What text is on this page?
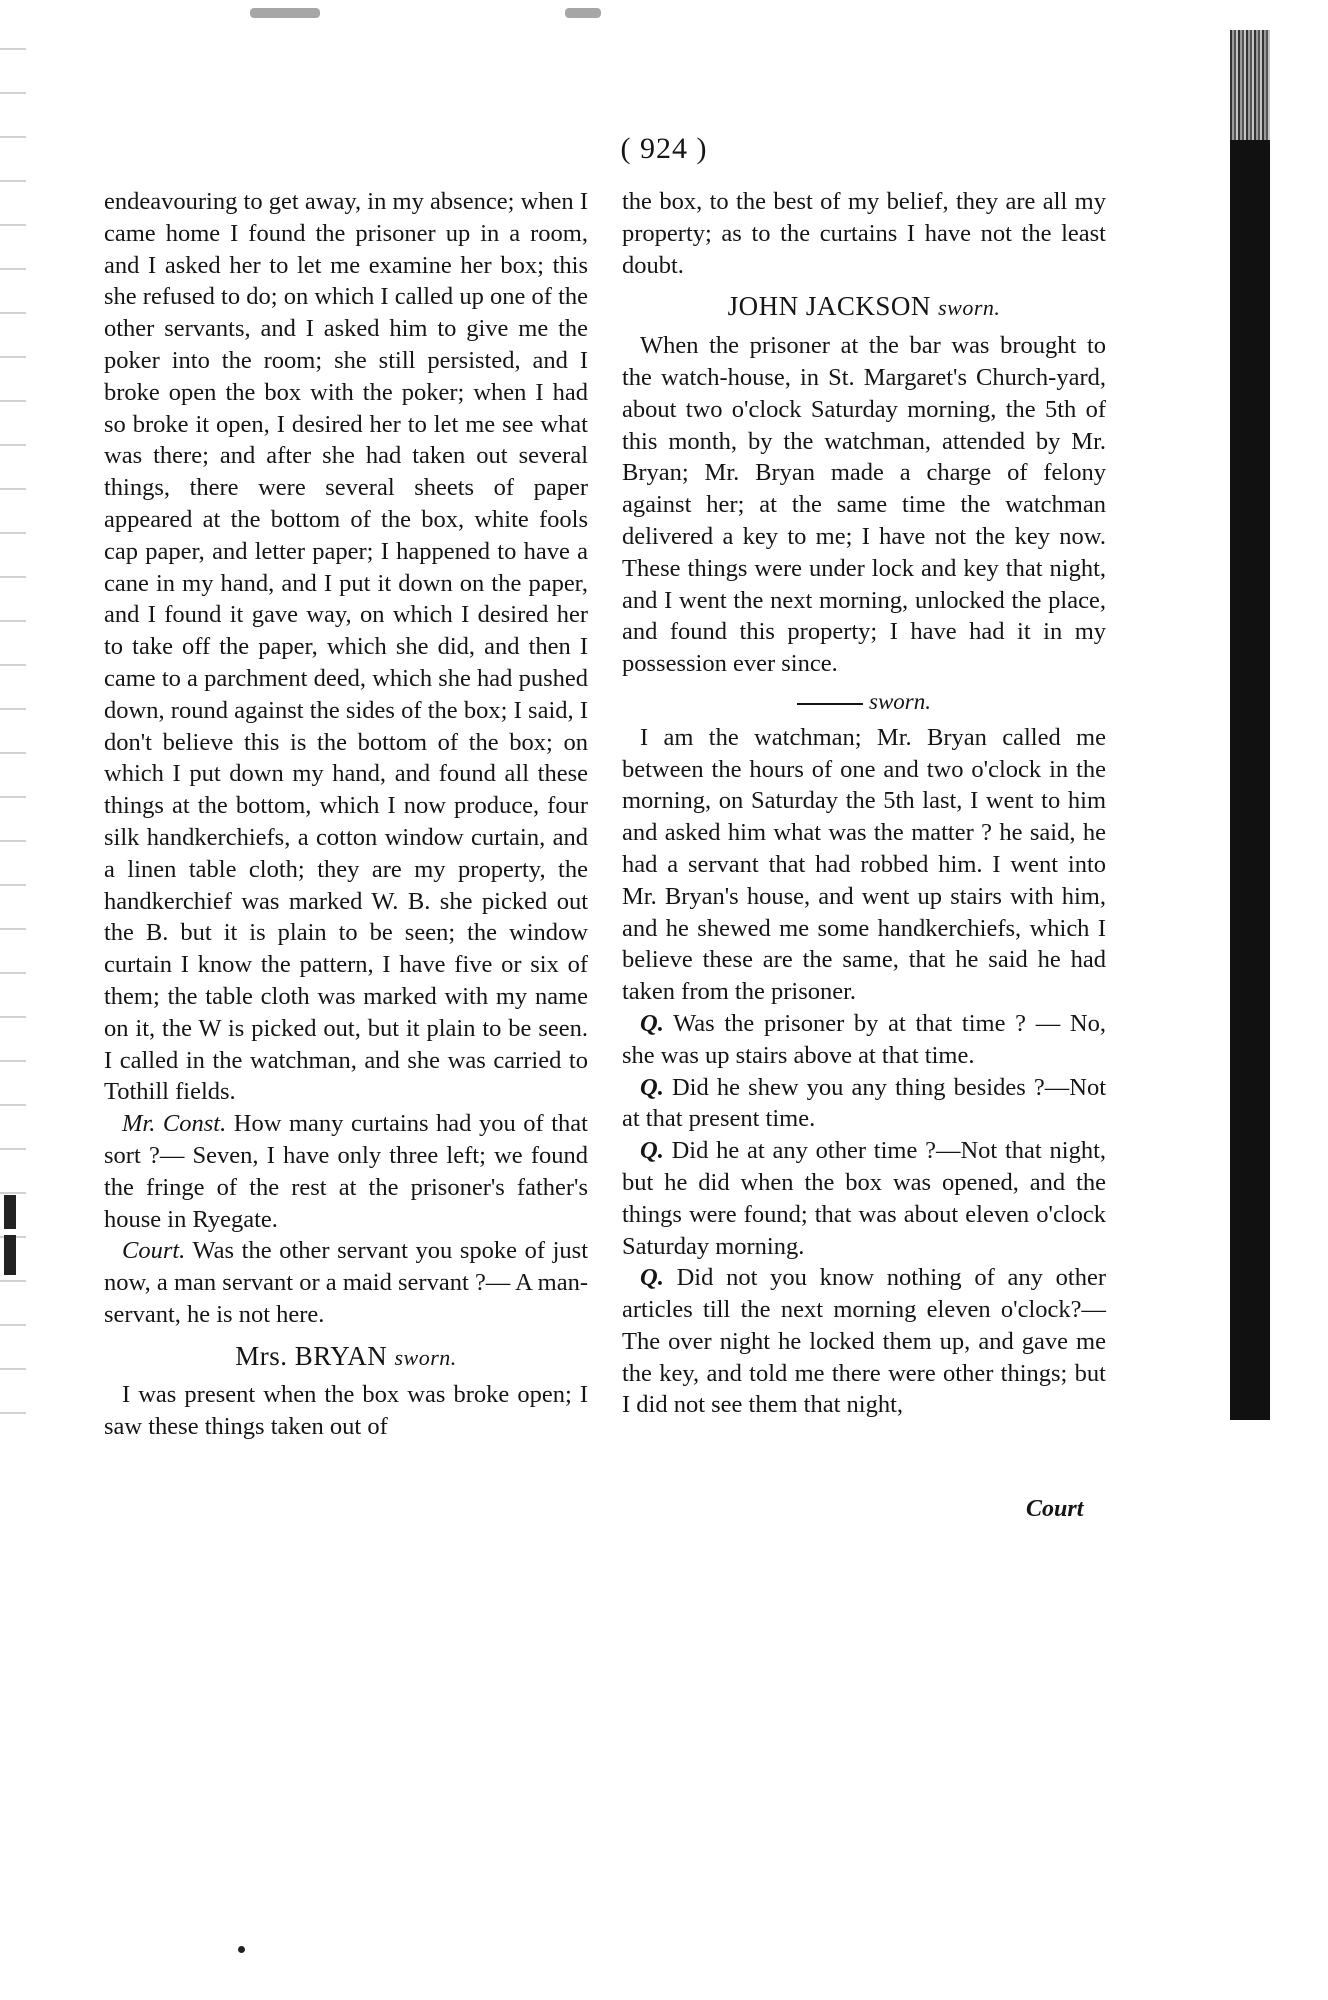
( 924 )

endeavouring to get away, in my absence; when I came home I found the prisoner up in a room, and I asked her to let me examine her box; this she refused to do; on which I called up one of the other servants, and I asked him to give me the poker into the room; she still persisted, and I broke open the box with the poker; when I had so broke it open, I desired her to let me see what was there; and after she had taken out several things, there were several sheets of paper appeared at the bottom of the box, white fools cap paper, and letter paper; I happened to have a cane in my hand, and I put it down on the paper, and I found it gave way, on which I desired her to take off the paper, which she did, and then I came to a parchment deed, which she had pushed down, round against the sides of the box; I said, I don't believe this is the bottom of the box; on which I put down my hand, and found all these things at the bottom, which I now produce, four silk handkerchiefs, a cotton window curtain, and a linen table cloth; they are my property, the handkerchief was marked W. B. she picked out the B. but it is plain to be seen; the window curtain I know the pattern, I have five or six of them; the table cloth was marked with my name on it, the W is picked out, but it plain to be seen. I called in the watchman, and she was carried to Tothill fields.

Mr. Const. How many curtains had you of that sort ?— Seven, I have only three left; we found the fringe of the rest at the prisoner's father's house in Ryegate.

Court. Was the other servant you spoke of just now, a man servant or a maid servant ?— A man-servant, he is not here.

Mrs. BRYAN sworn.

I was present when the box was broke open; I saw these things taken out of

the box, to the best of my belief, they are all my property; as to the curtains I have not the least doubt.

JOHN JACKSON sworn.

When the prisoner at the bar was brought to the watch-house, in St. Margaret's Church-yard, about two o'clock Saturday morning, the 5th of this month, by the watchman, attended by Mr. Bryan; Mr. Bryan made a charge of felony against her; at the same time the watchman delivered a key to me; I have not the key now. These things were under lock and key that night, and I went the next morning, unlocked the place, and found this property; I have had it in my possession ever since.

sworn.

I am the watchman; Mr. Bryan called me between the hours of one and two o'clock in the morning, on Saturday the 5th last, I went to him and asked him what was the matter ? he said, he had a servant that had robbed him. I went into Mr. Bryan's house, and went up stairs with him, and he shewed me some handkerchiefs, which I believe these are the same, that he said he had taken from the prisoner.

Q. Was the prisoner by at that time ? — No, she was up stairs above at that time.

Q. Did he shew you any thing besides ?—Not at that present time.

Q. Did he at any other time ?—Not that night, but he did when the box was opened, and the things were found; that was about eleven o'clock Saturday morning.

Q. Did not you know nothing of any other articles till the next morning eleven o'clock?—The over night he locked them up, and gave me the key, and told me there were other things; but I did not see them that night,

Court
